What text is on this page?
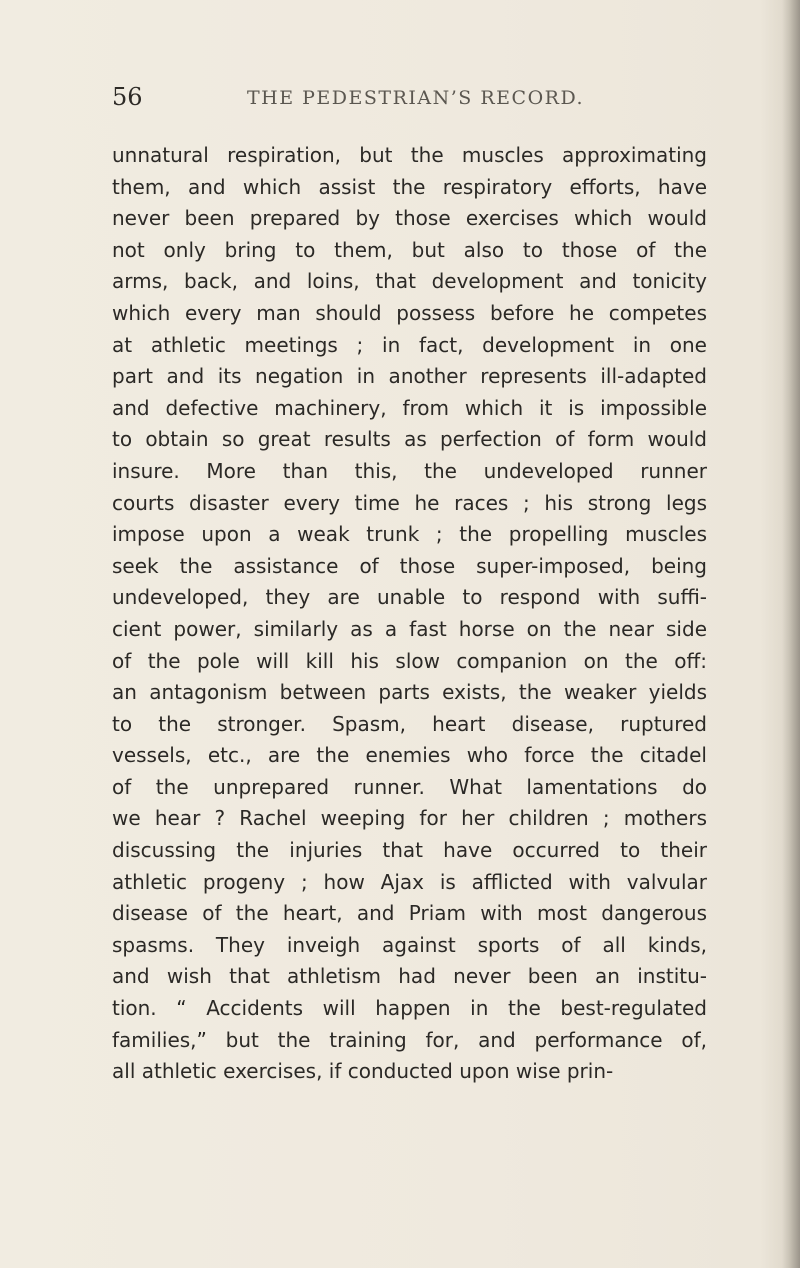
56	THE PEDESTRIAN’S RECORD.
unnatural respiration, but the muscles approximating
them, and which assist the respiratory efforts, have
never been prepared by those exercises which would
not only bring to them, but also to those of the
arms, back, and loins, that development and tonicity
which every man should possess before he competes
at athletic meetings ; in fact, development in one
part and its negation in another represents ill-adapted
and defective machinery, from which it is impossible
to obtain so great results as perfection of form would
insure. More than this, the undeveloped runner
courts disaster every time he races ; his strong legs
impose upon a weak trunk ; the propelling muscles
seek the assistance of those super-imposed, being
undeveloped, they are unable to respond with suffi-
cient power, similarly as a fast horse on the near side
of the pole will kill his slow companion on the off:
an antagonism between parts exists, the weaker yields
to the stronger. Spasm, heart disease, ruptured
vessels, etc., are the enemies who force the citadel
of the unprepared runner. What lamentations do
we hear ? Rachel weeping for her children ; mothers
discussing the injuries that have occurred to their
athletic progeny ; how Ajax is afflicted with valvular
disease of the heart, and Priam with most dangerous
spasms. They inveigh against sports of all kinds,
and wish that athletism had never been an institu-
tion. “ Accidents will happen in the best-regulated
families,” but the training for, and performance of,
all athletic exercises, if conducted upon wise prin-
